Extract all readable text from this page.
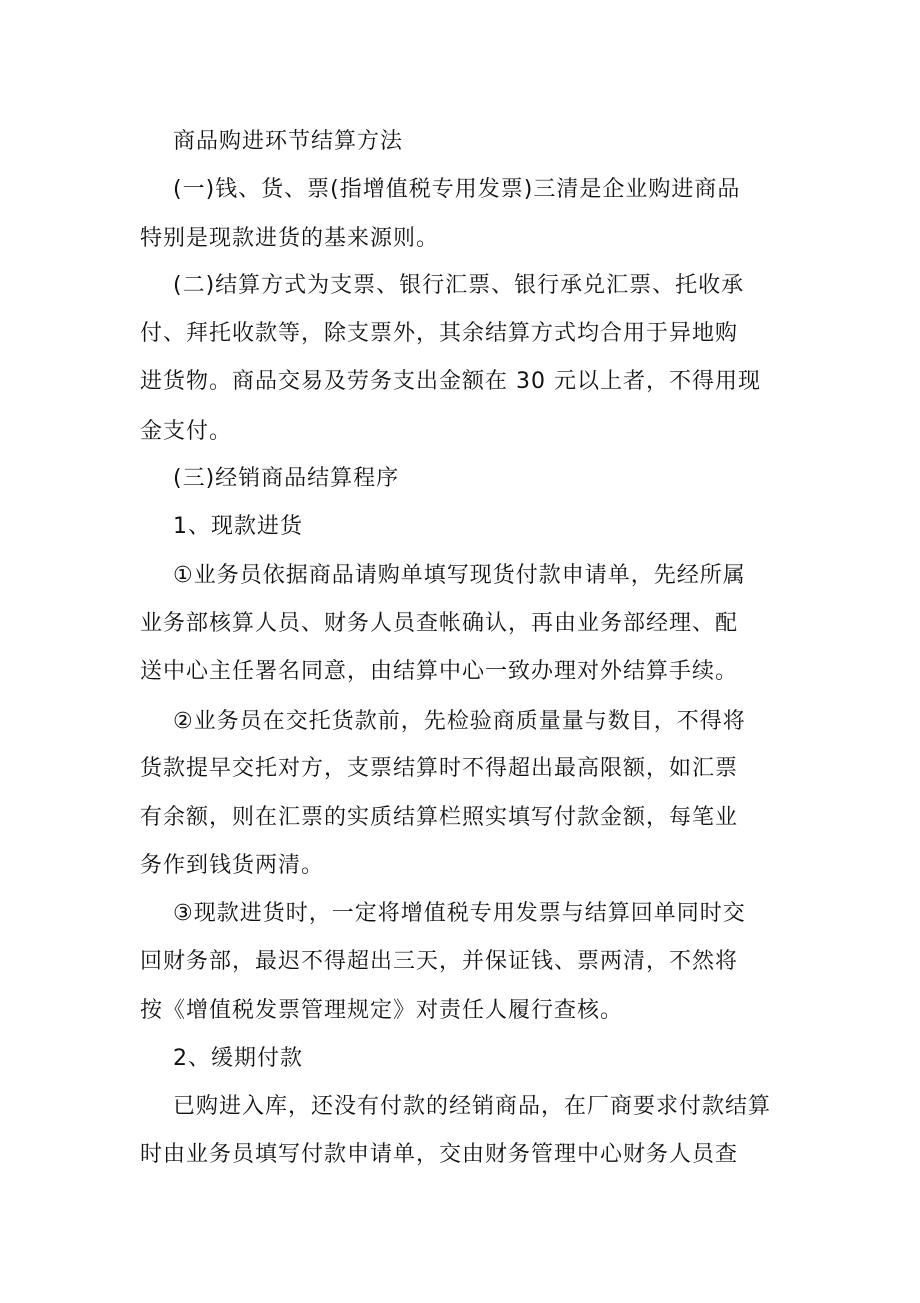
商品购进环节结算方法
(一)钱、货、票(指增值税专用发票)三清是企业购进商品
特别是现款进货的基来源则。
(二)结算方式为支票、银行汇票、银行承兑汇票、托收承
付、拜托收款等，除支票外，其余结算方式均合用于异地购
进货物。商品交易及劳务支出金额在 30 元以上者，不得用现
金支付。
(三)经销商品结算程序
1、现款进货
①业务员依据商品请购单填写现货付款申请单，先经所属
业务部核算人员、财务人员查帐确认，再由业务部经理、配
送中心主任署名同意，由结算中心一致办理对外结算手续。
②业务员在交托货款前，先检验商质量量与数目，不得将
货款提早交托对方，支票结算时不得超出最高限额，如汇票
有余额，则在汇票的实质结算栏照实填写付款金额，每笔业
务作到钱货两清。
③现款进货时，一定将增值税专用发票与结算回单同时交
回财务部，最迟不得超出三天，并保证钱、票两清，不然将
按《增值税发票管理规定》对责任人履行查核。
2、缓期付款
已购进入库，还没有付款的经销商品，在厂商要求付款结算
时由业务员填写付款申请单，交由财务管理中心财务人员查
